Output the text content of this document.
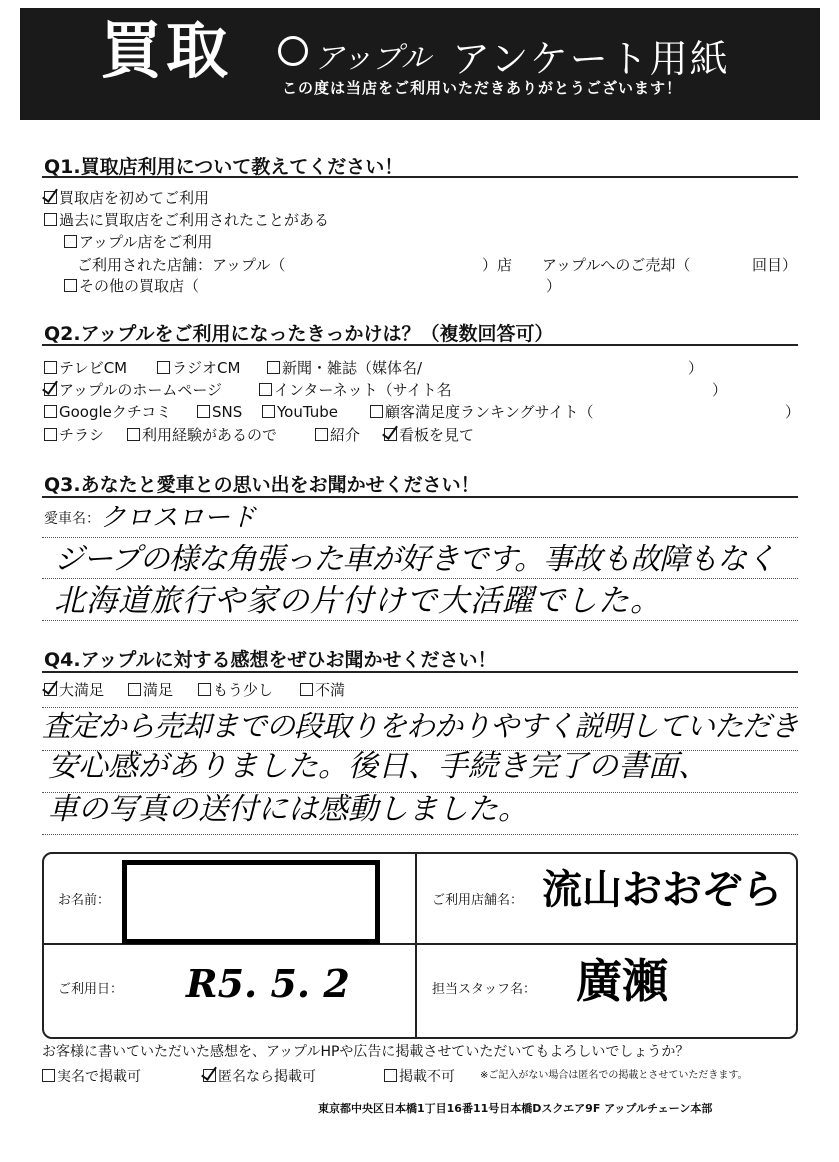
買取	アップル アンケート用紙
この度は当店をご利用いただきありがとうございます！
Q1.買取店利用について教えてください！
買取店を初めてご利用
過去に買取店をご利用されたことがある
アップル店をご利用
ご利用された店舗：アップル（	）店 アップルへのご売却（	回目）
その他の買取店（	）
Q2.アップルをご利用になったきっかけは？（複数回答可）
テレビCM	ラジオCM	新聞・雑誌（媒体名/	）
アップルのホームページ	インターネット（サイト名	）
Googleクチコミ	SNS	YouTube	顧客満足度ランキングサイト（	）
チラシ	利用経験があるので	紹介	看板を見て
Q3.あなたと愛車との思い出をお聞かせください！
愛車名： クロスロード
ジープの様な角張った車が好きです。事故も故障もなく
北海道旅行や家の片付けで大活躍でした。
Q4.アップルに対する感想をぜひお聞かせください！
大満足	満足	もう少し	不満
査定から売却までの段取りをわかりやすく説明していただき
安心感がありました。後日、手続き完了の書面、
車の写真の送付には感動しました。
お名前：	ご利用店舗名： 流山おおぞら
ご利用日： R5. 5. 2	担当スタッフ名： 廣瀬
お客様に書いていただいた感想を、アップルHPや広告に掲載させていただいてもよろしいでしょうか？
実名で掲載可	匿名なら掲載可	掲載不可	※ご記入がない場合は匿名での掲載とさせていただきます。
東京都中央区日本橋1丁目16番11号日本橋Dスクエア9F アップルチェーン本部
